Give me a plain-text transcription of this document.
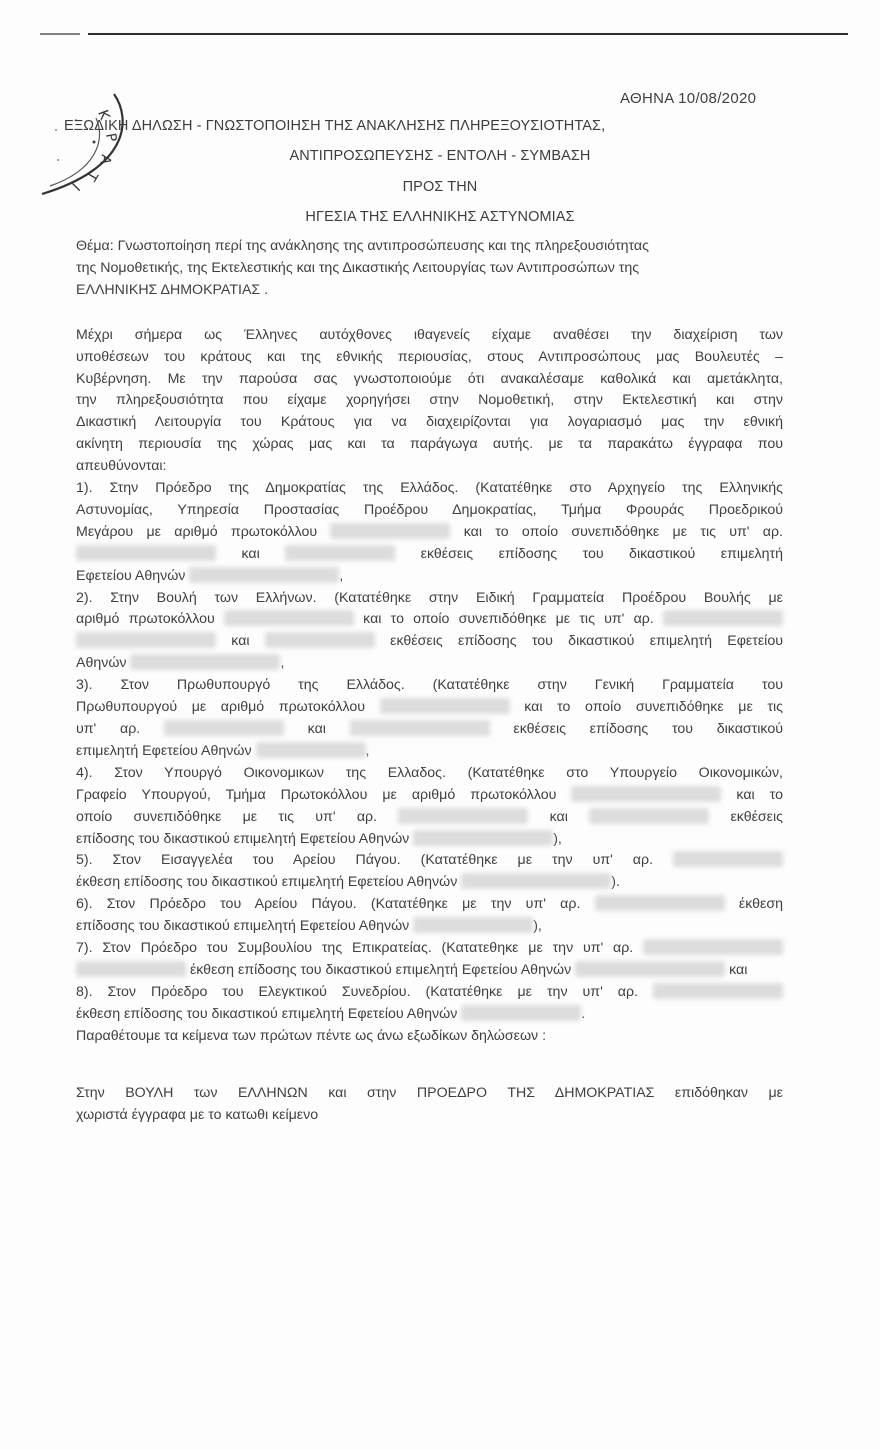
Κ
Ρ
Α
Τ
Ι
ΑΘΗΝΑ 10/08/2020
ΕΞΩΔΙΚΗ ΔΗΛΩΣΗ - ΓΝΩΣΤΟΠΟΙΗΣΗ ΤΗΣ ΑΝΑΚΛΗΣΗΣ ΠΛΗΡΕΞΟΥΣΙΟΤΗΤΑΣ,
ΑΝΤΙΠΡΟΣΩΠΕΥΣΗΣ - ΕΝΤΟΛΗ - ΣΥΜΒΑΣΗ
ΠΡΟΣ ΤΗΝ
ΗΓΕΣΙΑ ΤΗΣ ΕΛΛΗΝΙΚΗΣ ΑΣΤΥΝΟΜΙΑΣ
Θέμα: Γνωστοποίηση περί της ανάκλησης της αντιπροσώπευσης και της πληρεξουσιότητας
της Νομοθετικής, της Εκτελεστικής και της Δικαστικής Λειτουργίας των Αντιπροσώπων της
ΕΛΛΗΝΙΚΗΣ ΔΗΜΟΚΡΑΤΙΑΣ .
Μέχρι σήμερα ως Έλληνες αυτόχθονες ιθαγενείς είχαμε αναθέσει την διαχείριση των
υποθέσεων του κράτους και της εθνικής περιουσίας, στους Αντιπροσώπους μας Βουλευτές –
Κυβέρνηση. Με την παρούσα σας γνωστοποιούμε ότι ανακαλέσαμε καθολικά και αμετάκλητα,
την πληρεξουσιότητα που είχαμε χορηγήσει στην Νομοθετική, στην Εκτελεστική και στην
Δικαστική Λειτουργία του Κράτους για να διαχειρίζονται για λογαριασμό μας την εθνική
ακίνητη περιουσία της χώρας μας και τα παράγωγα αυτής. με τα παρακάτω έγγραφα που
απευθύνονται:
1). Στην Πρόεδρο της Δημοκρατίας της Ελλάδος. (Κατατέθηκε στο Αρχηγείο της Ελληνικής
Αστυνομίας, Υπηρεσία Προστασίας Προέδρου Δημοκρατίας, Τμήμα Φρουράς Προεδρικού
Μεγάρου με αριθμό πρωτοκόλλου	και το οποίο συνεπιδόθηκε με τις υπ' αρ.
και	εκθέσεις επίδοσης του δικαστικού επιμελητή
Εφετείου Αθηνών	,
2). Στην Βουλή των Ελλήνων. (Κατατέθηκε στην Ειδική Γραμματεία Προέδρου Βουλής με
αριθμό πρωτοκόλλου	και το οποίο συνεπιδόθηκε με τις υπ' αρ.
και	εκθέσεις επίδοσης του δικαστικού επιμελητή Εφετείου
Αθηνών	,
3). Στον Πρωθυπουργό της Ελλάδος. (Κατατέθηκε στην Γενική Γραμματεία του
Πρωθυπουργού με αριθμό πρωτοκόλλου	και το οποίο συνεπιδόθηκε με τις
υπ' αρ.	και	εκθέσεις επίδοσης του δικαστικού
επιμελητή Εφετείου Αθηνών	,
4). Στον Υπουργό Οικονομικων της Ελλαδος. (Κατατέθηκε στο Υπουργείο Οικονομικών,
Γραφείο Υπουργού, Τμήμα Πρωτοκόλλου με αριθμό πρωτοκόλλου	και το
οποίο συνεπιδόθηκε με τις υπ' αρ.	και	εκθέσεις
επίδοσης του δικαστικού επιμελητή Εφετείου Αθηνών	),
5). Στον Εισαγγελέα του Αρείου Πάγου. (Κατατέθηκε με την υπ' αρ.
έκθεση επίδοσης του δικαστικού επιμελητή Εφετείου Αθηνών	).
6). Στον Πρόεδρο του Αρείου Πάγου. (Κατατέθηκε με την υπ' αρ.	έκθεση
επίδοσης του δικαστικού επιμελητή Εφετείου Αθηνών	),
7). Στον Πρόεδρο του Συμβουλίου της Επικρατείας. (Κατατεθηκε με την υπ' αρ.
έκθεση επίδοσης του δικαστικού επιμελητή Εφετείου Αθηνών	και
8). Στον Πρόεδρο του Ελεγκτικού Συνεδρίου. (Κατατέθηκε με την υπ' αρ.
έκθεση επίδοσης του δικαστικού επιμελητή Εφετείου Αθηνών	.
Παραθέτουμε τα κείμενα των πρώτων πέντε ως άνω εξωδίκων δηλώσεων :
Στην ΒΟΥΛΗ των ΕΛΛΗΝΩΝ και στην ΠΡΟΕΔΡΟ ΤΗΣ ΔΗΜΟΚΡΑΤΙΑΣ επιδόθηκαν με
χωριστά έγγραφα με το κατωθι κείμενο
